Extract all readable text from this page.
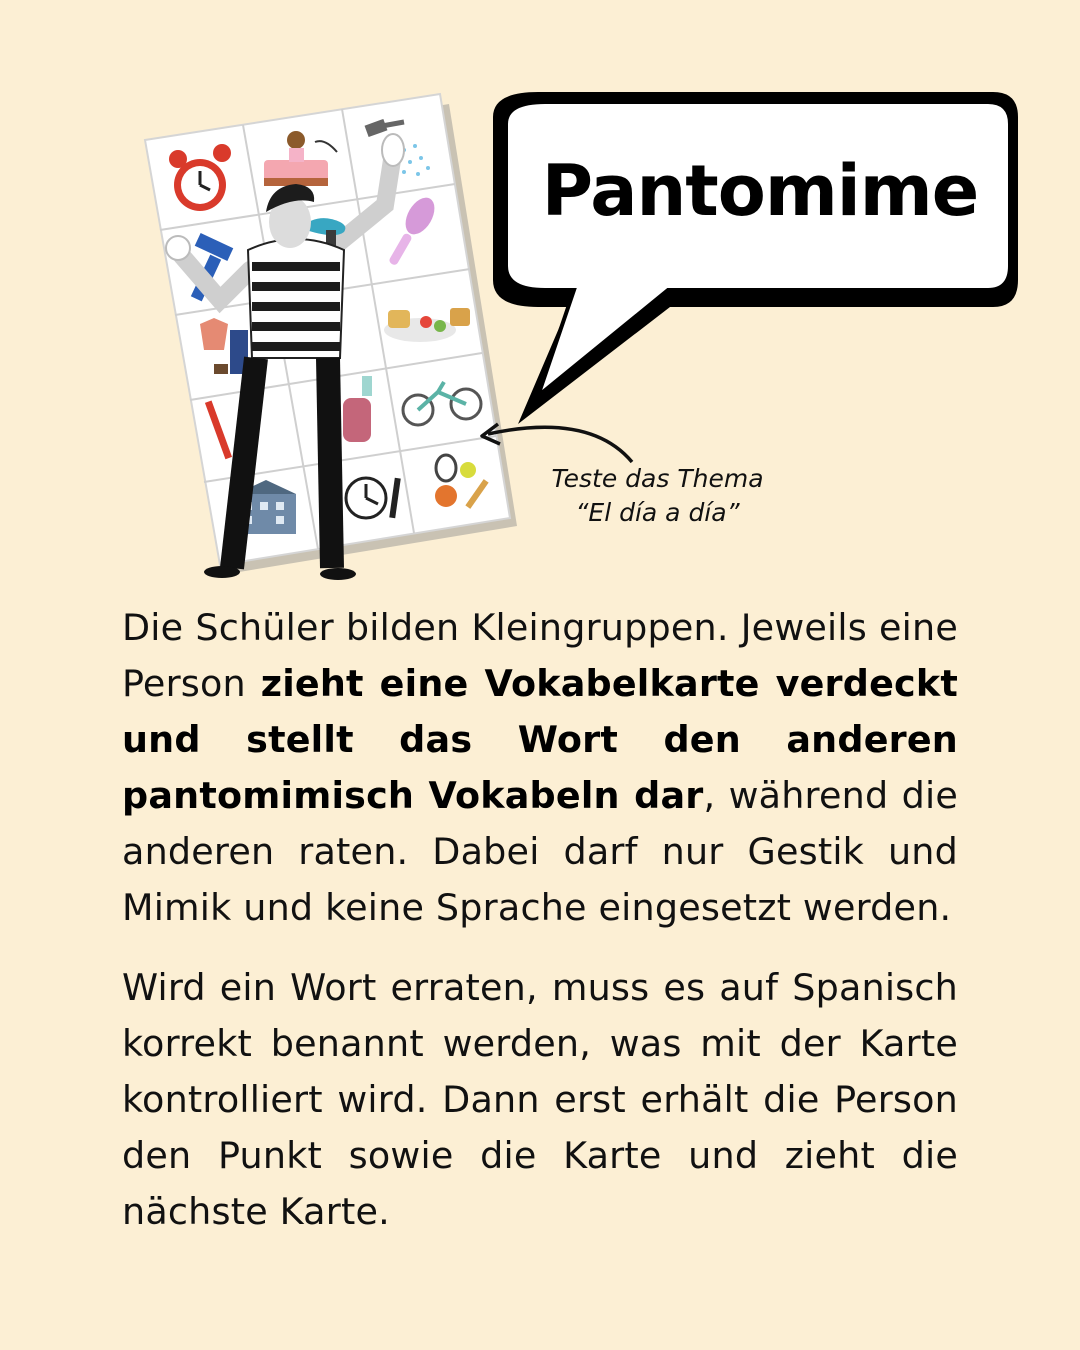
Pantomime
Teste das Thema
“El día a día”

Die Schüler bilden Kleingruppen. Jeweils eine Person zieht eine Vokabelkarte verdeckt und stellt das Wort den anderen pantomimisch Vokabeln dar, während die anderen raten. Dabei darf nur Gestik und Mimik und keine Sprache eingesetzt werden.

Wird ein Wort erraten, muss es auf Spanisch korrekt benannt werden, was mit der Karte kontrolliert wird. Dann erst erhält die Person den Punkt sowie die Karte und zieht die nächste Karte.
